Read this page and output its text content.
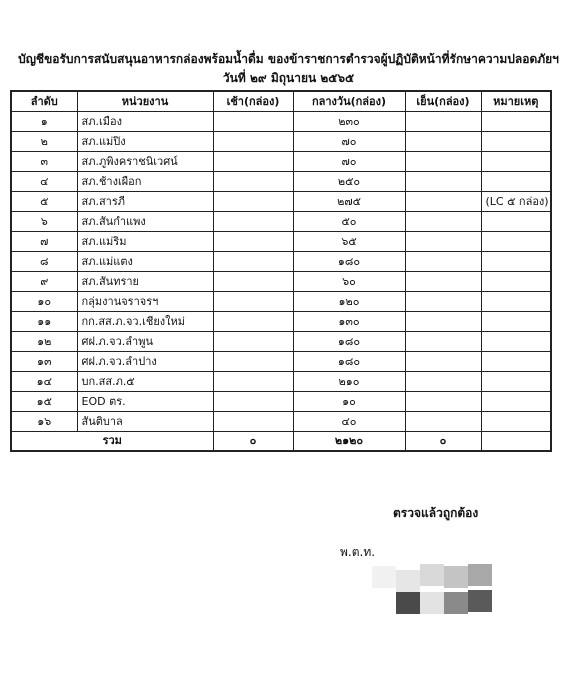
บัญชีขอรับการสนับสนุนอาหารกล่องพร้อมน้ำดื่ม ของข้าราชการตำรวจผู้ปฏิบัติหน้าที่รักษาความปลอดภัยฯ
วันที่ ๒๙ มิถุนายน ๒๕๖๕
ลำดับ	หน่วยงาน	เช้า(กล่อง)	กลางวัน(กล่อง)	เย็น(กล่อง)	หมายเหตุ
๑	สภ.เมือง		๒๓๐		
๒	สภ.แม่ปิง		๗๐		
๓	สภ.ภูพิงคราชนิเวศน์		๗๐		
๔	สภ.ช้างเผือก		๒๕๐		
๕	สภ.สารภี		๒๗๕		(LC ๕ กล่อง)
๖	สภ.สันกำแพง		๕๐		
๗	สภ.แม่ริม		๖๕		
๘	สภ.แม่แตง		๑๘๐		
๙	สภ.สันทราย		๖๐		
๑๐	กลุ่มงานจราจรฯ		๑๒๐		
๑๑	กก.สส.ภ.จว.เชียงใหม่		๑๓๐		
๑๒	ศฝ.ภ.จว.ลำพูน		๑๘๐		
๑๓	ศฝ.ภ.จว.ลำปาง		๑๘๐		
๑๔	บก.สส.ภ.๕		๒๑๐		
๑๕	EOD ตร.		๑๐		
๑๖	สันติบาล		๔๐		
รวม		๐	๒๑๒๐	๐	
ตรวจแล้วถูกต้อง
พ.ต.ท.
